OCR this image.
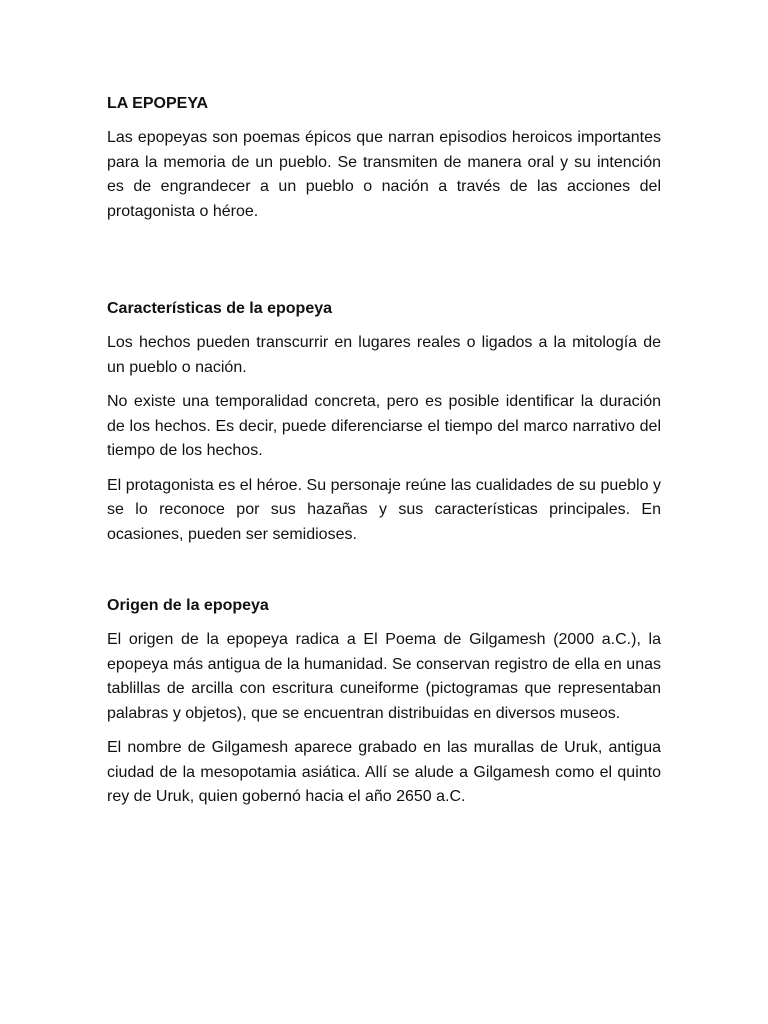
LA EPOPEYA

Las epopeyas son poemas épicos que narran episodios heroicos importantes para la memoria de un pueblo. Se transmiten de manera oral y su intención es de engrandecer a un pueblo o nación a través de las acciones del protagonista o héroe.

Características de la epopeya

Los hechos pueden transcurrir en lugares reales o ligados a la mitología de un pueblo o nación.

No existe una temporalidad concreta, pero es posible identificar la duración de los hechos. Es decir, puede diferenciarse el tiempo del marco narrativo del tiempo de los hechos.

El protagonista es el héroe. Su personaje reúne las cualidades de su pueblo y se lo reconoce por sus hazañas y sus características principales. En ocasiones, pueden ser semidioses.

Origen de la epopeya

El origen de la epopeya radica a El Poema de Gilgamesh (2000 a.C.), la epopeya más antigua de la humanidad. Se conservan registro de ella en unas tablillas de arcilla con escritura cuneiforme (pictogramas que representaban palabras y objetos), que se encuentran distribuidas en diversos museos.

El nombre de Gilgamesh aparece grabado en las murallas de Uruk, antigua ciudad de la mesopotamia asiática. Allí se alude a Gilgamesh como el quinto rey de Uruk, quien gobernó hacia el año 2650 a.C.
